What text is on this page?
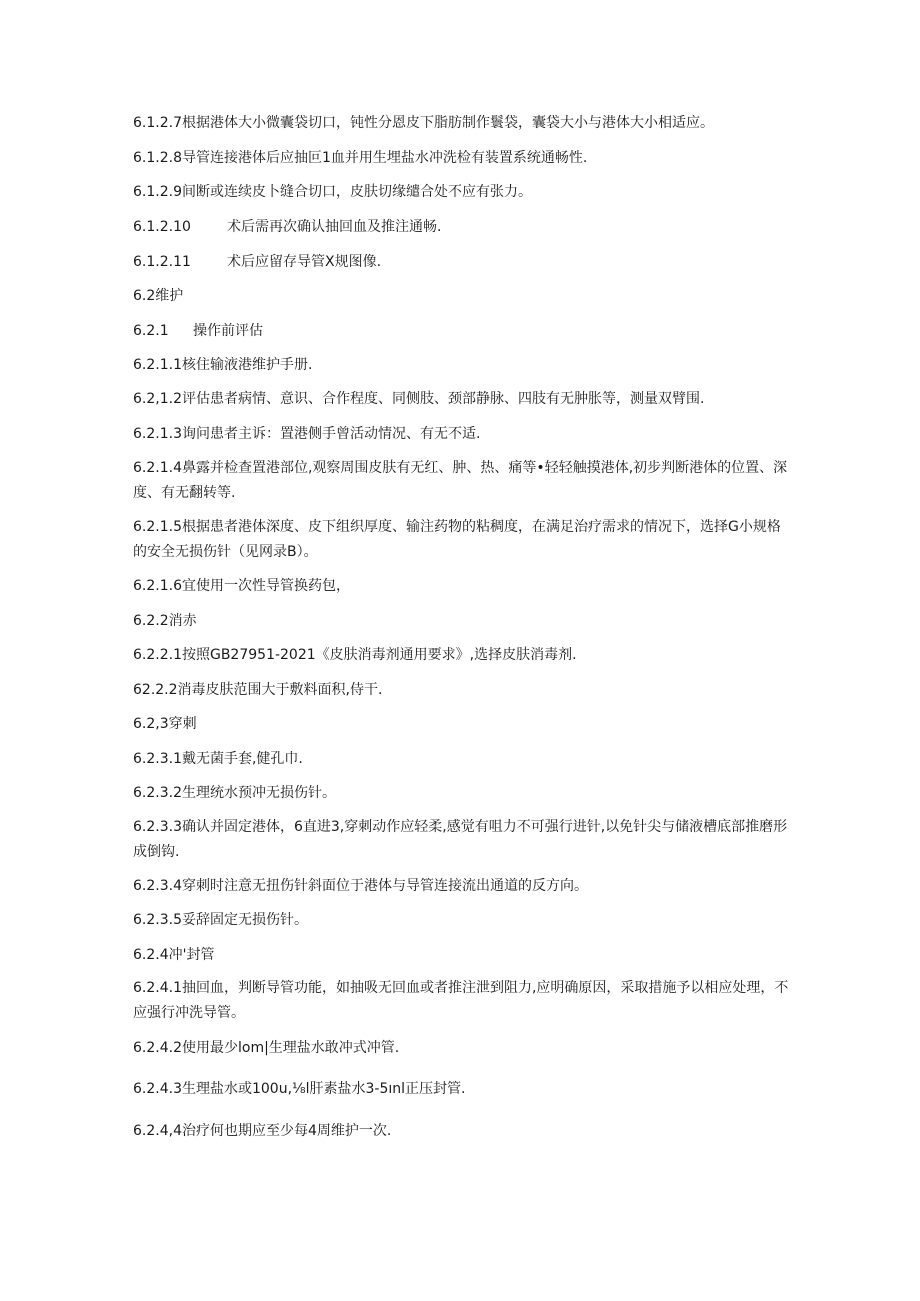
6.1.2.7根据港体大小微囊袋切口，钝性分恩皮下脂肪制作鬟袋，囊袋大小与港体大小相适应。
6.1.2.8导管连接港体后应抽叵1血并用生埋盐水冲洗检有装置系统通畅性.
6.1.2.9间断或连续皮卜缝合切口，皮肤切缘缱合处不应有张力。
6.1.2.10	术后需再次确认抽回血及推注通畅.
6.1.2.11	术后应留存导管X规图像.
6.2维护
6.2.1 操作前评估
6.2.1.1核住输液港维护手册.
6.2,1.2评估患者病情、意识、合作程度、同侧肢、颈部静脉、四肢有无肿胀等，测量双臂围.
6.2.1.3询问患者主诉：置港侧手曾活动情况、有无不适.
6.2.1.4鼻露并检查置港部位,观察周围皮肤有无红、肿、热、痛等•轻轻触摸港体,初步判断港体的位置、深度、有无翻转等.
6.2.1.5根据患者港体深度、皮下组织厚度、输注药物的粘稠度，在满足治疗需求的情况下，选择G小规格的安全无损伤针（见网录B）。
6.2.1.6宜使用一次性导管换药包，
6.2.2消赤
6.2.2.1按照GB27951-2021《皮肤消毒剂通用要求》,选择皮肤消毒剂.
62.2.2消毒皮肤范围大于敷料面积,侍干.
6.2,3穿刺
6.2.3.1戴无菌手套,健孔巾.
6.2.3.2生理统水预冲无损伤针。
6.2.3.3确认并固定港体，6直进3,穿刺动作应轻柔,感觉有咀力不可强行进针,以免针尖与储液槽底部推磨形成倒钩.
6.2.3.4穿刺时注意无扭伤针斜面位于港体与导管连接流出通道的反方向。
6.2.3.5妥辞固定无损伤针。
6.2.4冲'封管
6.2.4.1抽回血，判断导管功能，如抽吸无回血或者推注泄到阻力,应明确原因，采取措施予以相应处理，不应强行冲洗导管。
6.2.4.2使用最少lom|生理盐水敢冲式冲管.
6.2.4.3生理盐水或100u,⅛l肝素盐水3-5ınl正压封管.
6.2.4,4治疗何也期应至少每4周维护一次.
